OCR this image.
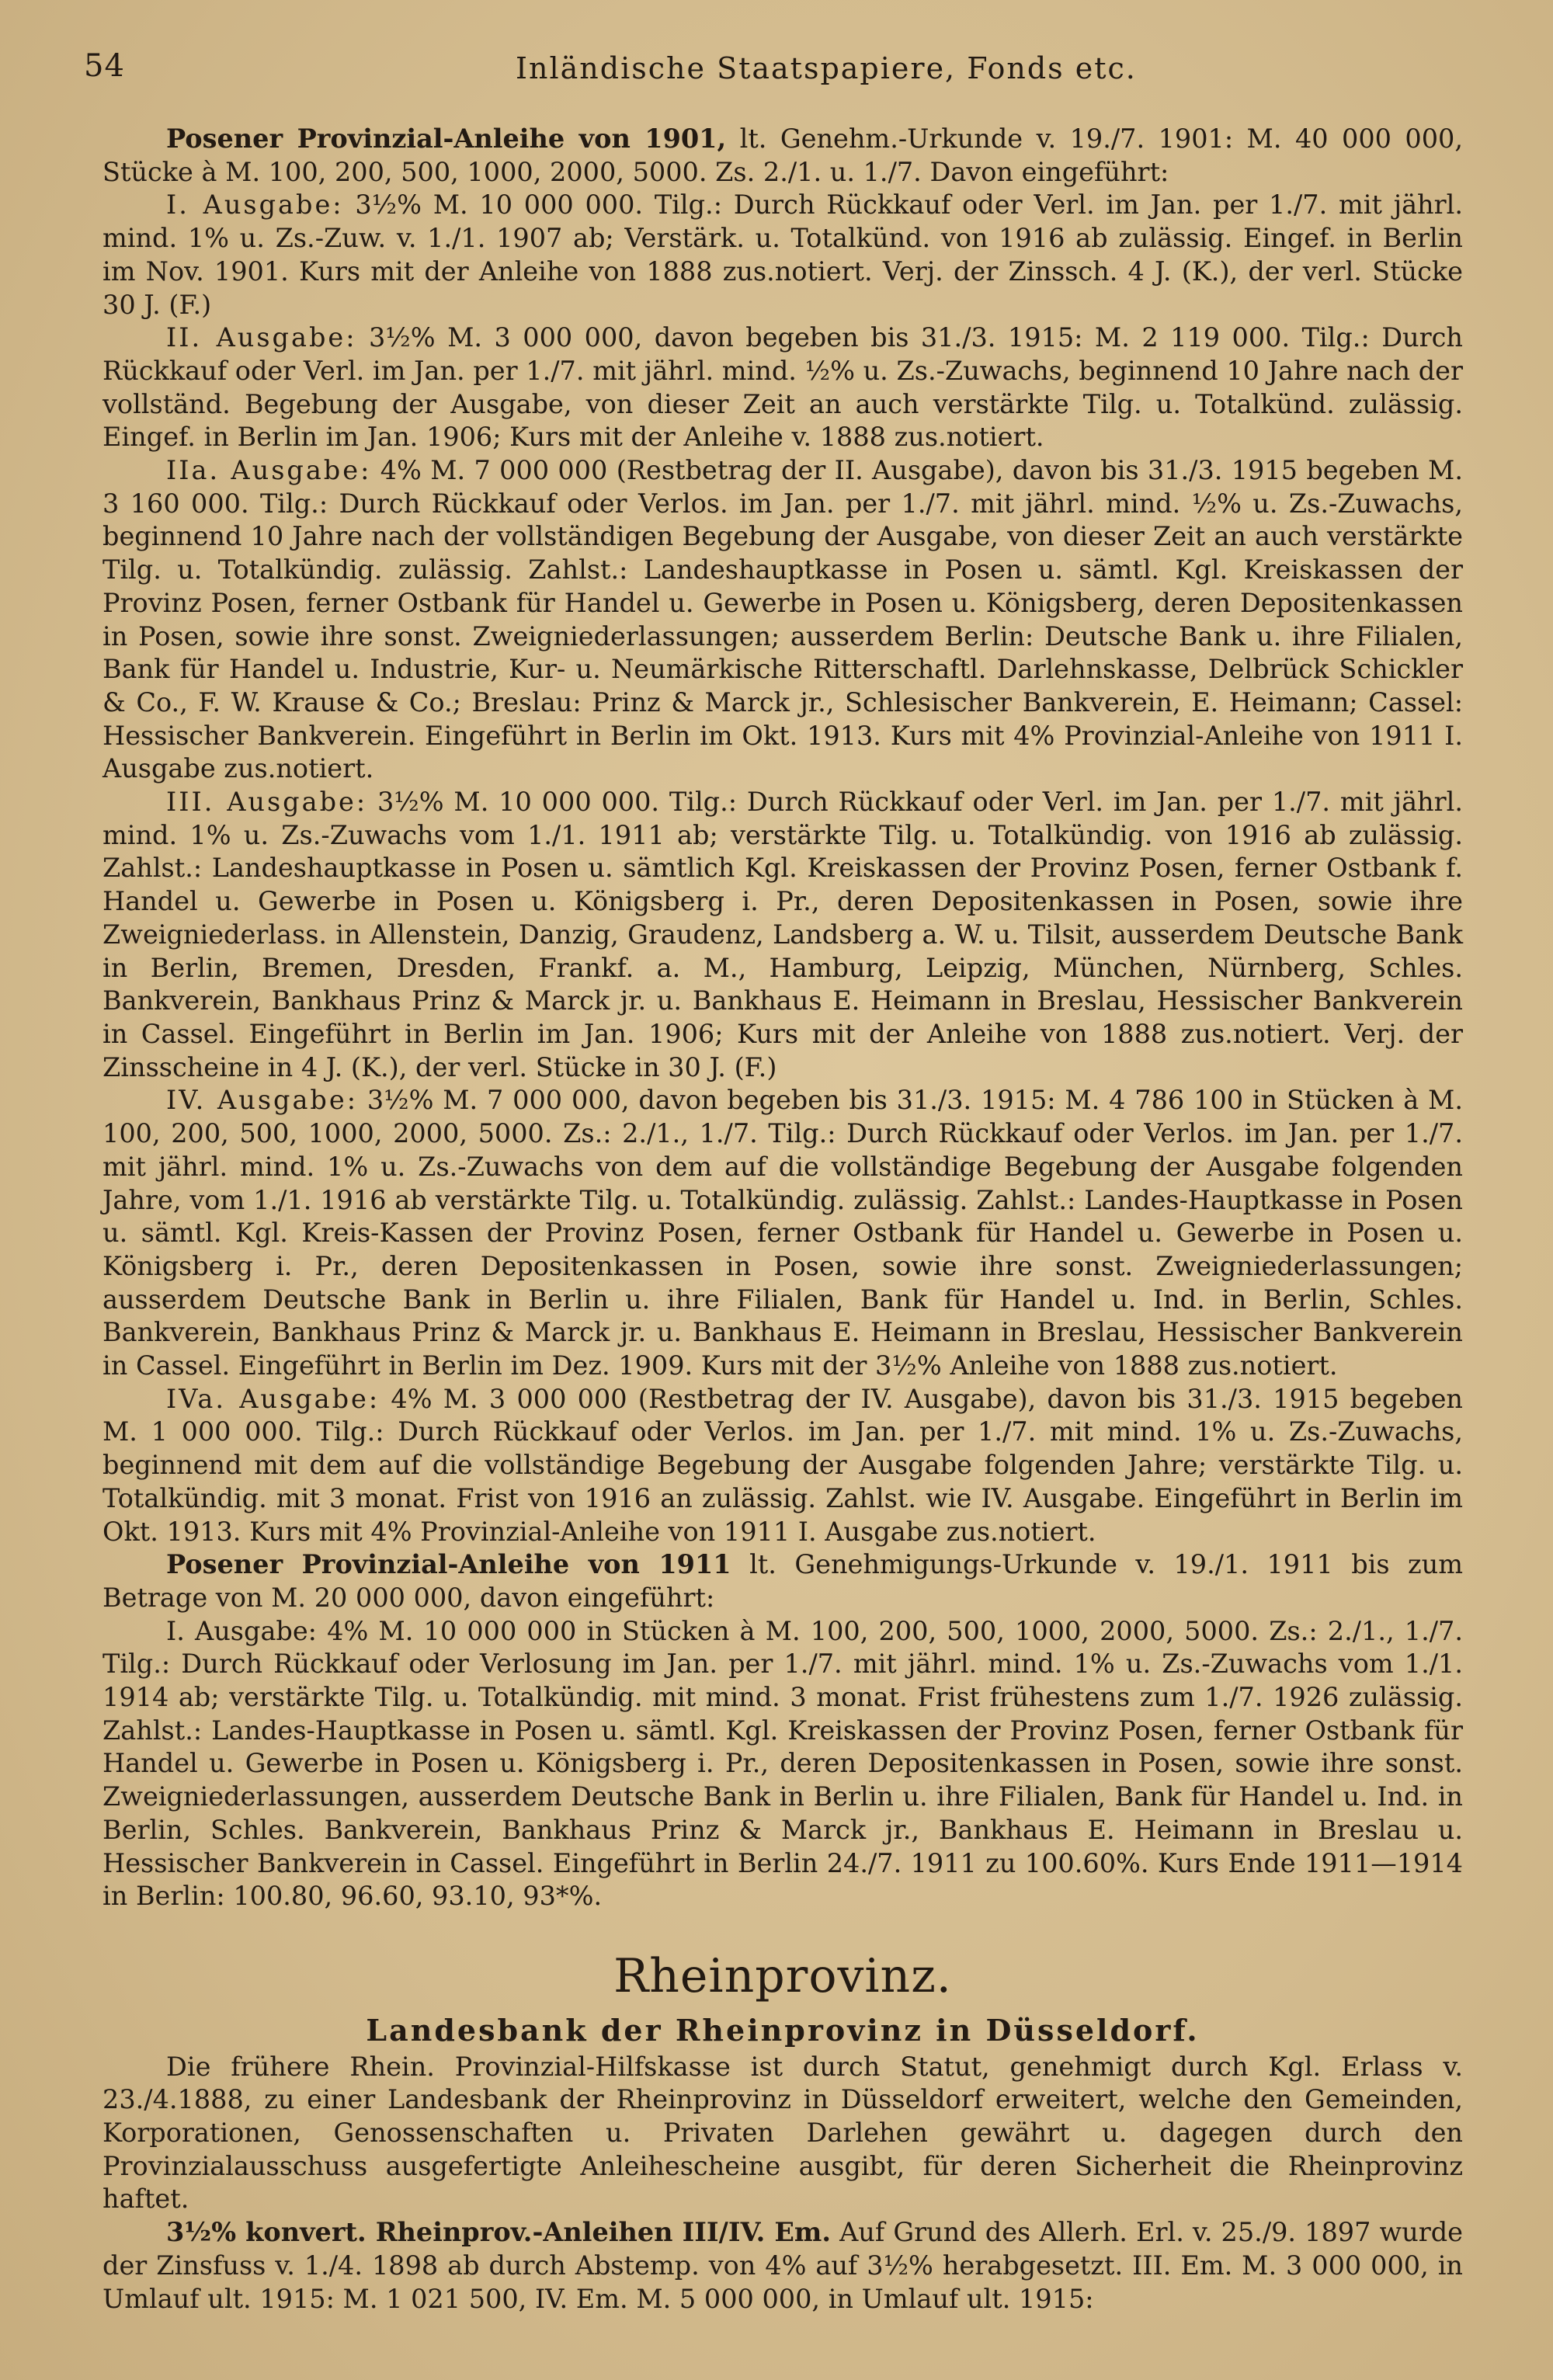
54	Inländische Staatspapiere, Fonds etc.

Posener Provinzial-Anleihe von 1901, lt. Genehm.-Urkunde v. 19./7. 1901: M. 40 000 000, Stücke à M. 100, 200, 500, 1000, 2000, 5000. Zs. 2./1. u. 1./7. Davon eingeführt:

I. Ausgabe: 3½% M. 10 000 000. Tilg.: Durch Rückkauf oder Verl. im Jan. per 1./7. mit jährl. mind. 1% u. Zs.-Zuw. v. 1./1. 1907 ab; Verstärk. u. Totalkünd. von 1916 ab zulässig. Eingef. in Berlin im Nov. 1901. Kurs mit der Anleihe von 1888 zus.notiert. Verj. der Zinssch. 4 J. (K.), der verl. Stücke 30 J. (F.)

II. Ausgabe: 3½% M. 3 000 000, davon begeben bis 31./3. 1915: M. 2 119 000. Tilg.: Durch Rückkauf oder Verl. im Jan. per 1./7. mit jährl. mind. ½% u. Zs.-Zuwachs, beginnend 10 Jahre nach der vollständ. Begebung der Ausgabe, von dieser Zeit an auch verstärkte Tilg. u. Totalkünd. zulässig. Eingef. in Berlin im Jan. 1906; Kurs mit der Anleihe v. 1888 zus.notiert.

IIa. Ausgabe: 4% M. 7 000 000 (Restbetrag der II. Ausgabe), davon bis 31./3. 1915 begeben M. 3 160 000. Tilg.: Durch Rückkauf oder Verlos. im Jan. per 1./7. mit jährl. mind. ½% u. Zs.-Zuwachs, beginnend 10 Jahre nach der vollständigen Begebung der Ausgabe, von dieser Zeit an auch verstärkte Tilg. u. Totalkündig. zulässig. Zahlst.: Landeshauptkasse in Posen u. sämtl. Kgl. Kreiskassen der Provinz Posen, ferner Ostbank für Handel u. Gewerbe in Posen u. Königsberg, deren Depositenkassen in Posen, sowie ihre sonst. Zweigniederlassungen; ausserdem Berlin: Deutsche Bank u. ihre Filialen, Bank für Handel u. Industrie, Kur- u. Neumärkische Ritterschaftl. Darlehnskasse, Delbrück Schickler & Co., F. W. Krause & Co.; Breslau: Prinz & Marck jr., Schlesischer Bankverein, E. Heimann; Cassel: Hessischer Bankverein. Eingeführt in Berlin im Okt. 1913. Kurs mit 4% Provinzial-Anleihe von 1911 I. Ausgabe zus.notiert.

III. Ausgabe: 3½% M. 10 000 000. Tilg.: Durch Rückkauf oder Verl. im Jan. per 1./7. mit jährl. mind. 1% u. Zs.-Zuwachs vom 1./1. 1911 ab; verstärkte Tilg. u. Totalkündig. von 1916 ab zulässig. Zahlst.: Landeshauptkasse in Posen u. sämtlich Kgl. Kreiskassen der Provinz Posen, ferner Ostbank f. Handel u. Gewerbe in Posen u. Königsberg i. Pr., deren Depositenkassen in Posen, sowie ihre Zweigniederlass. in Allenstein, Danzig, Graudenz, Landsberg a. W. u. Tilsit, ausserdem Deutsche Bank in Berlin, Bremen, Dresden, Frankf. a. M., Hamburg, Leipzig, München, Nürnberg, Schles. Bankverein, Bankhaus Prinz & Marck jr. u. Bankhaus E. Heimann in Breslau, Hessischer Bankverein in Cassel. Eingeführt in Berlin im Jan. 1906; Kurs mit der Anleihe von 1888 zus.notiert. Verj. der Zinsscheine in 4 J. (K.), der verl. Stücke in 30 J. (F.)

IV. Ausgabe: 3½% M. 7 000 000, davon begeben bis 31./3. 1915: M. 4 786 100 in Stücken à M. 100, 200, 500, 1000, 2000, 5000. Zs.: 2./1., 1./7. Tilg.: Durch Rückkauf oder Verlos. im Jan. per 1./7. mit jährl. mind. 1% u. Zs.-Zuwachs von dem auf die vollständige Begebung der Ausgabe folgenden Jahre, vom 1./1. 1916 ab verstärkte Tilg. u. Totalkündig. zulässig. Zahlst.: Landes-Hauptkasse in Posen u. sämtl. Kgl. Kreis-Kassen der Provinz Posen, ferner Ostbank für Handel u. Gewerbe in Posen u. Königsberg i. Pr., deren Depositenkassen in Posen, sowie ihre sonst. Zweigniederlassungen; ausserdem Deutsche Bank in Berlin u. ihre Filialen, Bank für Handel u. Ind. in Berlin, Schles. Bankverein, Bankhaus Prinz & Marck jr. u. Bankhaus E. Heimann in Breslau, Hessischer Bankverein in Cassel. Eingeführt in Berlin im Dez. 1909. Kurs mit der 3½% Anleihe von 1888 zus.notiert.

IVa. Ausgabe: 4% M. 3 000 000 (Restbetrag der IV. Ausgabe), davon bis 31./3. 1915 begeben M. 1 000 000. Tilg.: Durch Rückkauf oder Verlos. im Jan. per 1./7. mit mind. 1% u. Zs.-Zuwachs, beginnend mit dem auf die vollständige Begebung der Ausgabe folgenden Jahre; verstärkte Tilg. u. Totalkündig. mit 3 monat. Frist von 1916 an zulässig. Zahlst. wie IV. Ausgabe. Eingeführt in Berlin im Okt. 1913. Kurs mit 4% Provinzial-Anleihe von 1911 I. Ausgabe zus.notiert.

Posener Provinzial-Anleihe von 1911 lt. Genehmigungs-Urkunde v. 19./1. 1911 bis zum Betrage von M. 20 000 000, davon eingeführt:

I. Ausgabe: 4% M. 10 000 000 in Stücken à M. 100, 200, 500, 1000, 2000, 5000. Zs.: 2./1., 1./7. Tilg.: Durch Rückkauf oder Verlosung im Jan. per 1./7. mit jährl. mind. 1% u. Zs.-Zuwachs vom 1./1. 1914 ab; verstärkte Tilg. u. Totalkündig. mit mind. 3 monat. Frist frühestens zum 1./7. 1926 zulässig. Zahlst.: Landes-Hauptkasse in Posen u. sämtl. Kgl. Kreiskassen der Provinz Posen, ferner Ostbank für Handel u. Gewerbe in Posen u. Königsberg i. Pr., deren Depositenkassen in Posen, sowie ihre sonst. Zweigniederlassungen, ausserdem Deutsche Bank in Berlin u. ihre Filialen, Bank für Handel u. Ind. in Berlin, Schles. Bankverein, Bankhaus Prinz & Marck jr., Bankhaus E. Heimann in Breslau u. Hessischer Bankverein in Cassel. Eingeführt in Berlin 24./7. 1911 zu 100.60%. Kurs Ende 1911—1914 in Berlin: 100.80, 96.60, 93.10, 93*%.

Rheinprovinz.
Landesbank der Rheinprovinz in Düsseldorf.

Die frühere Rhein. Provinzial-Hilfskasse ist durch Statut, genehmigt durch Kgl. Erlass v. 23./4.1888, zu einer Landesbank der Rheinprovinz in Düsseldorf erweitert, welche den Gemeinden, Korporationen, Genossenschaften u. Privaten Darlehen gewährt u. dagegen durch den Provinzialausschuss ausgefertigte Anleihescheine ausgibt, für deren Sicherheit die Rheinprovinz haftet.

3½% konvert. Rheinprov.-Anleihen III/IV. Em. Auf Grund des Allerh. Erl. v. 25./9. 1897 wurde der Zinsfuss v. 1./4. 1898 ab durch Abstemp. von 4% auf 3½% herabgesetzt. III. Em. M. 3 000 000, in Umlauf ult. 1915: M. 1 021 500, IV. Em. M. 5 000 000, in Umlauf ult. 1915:
